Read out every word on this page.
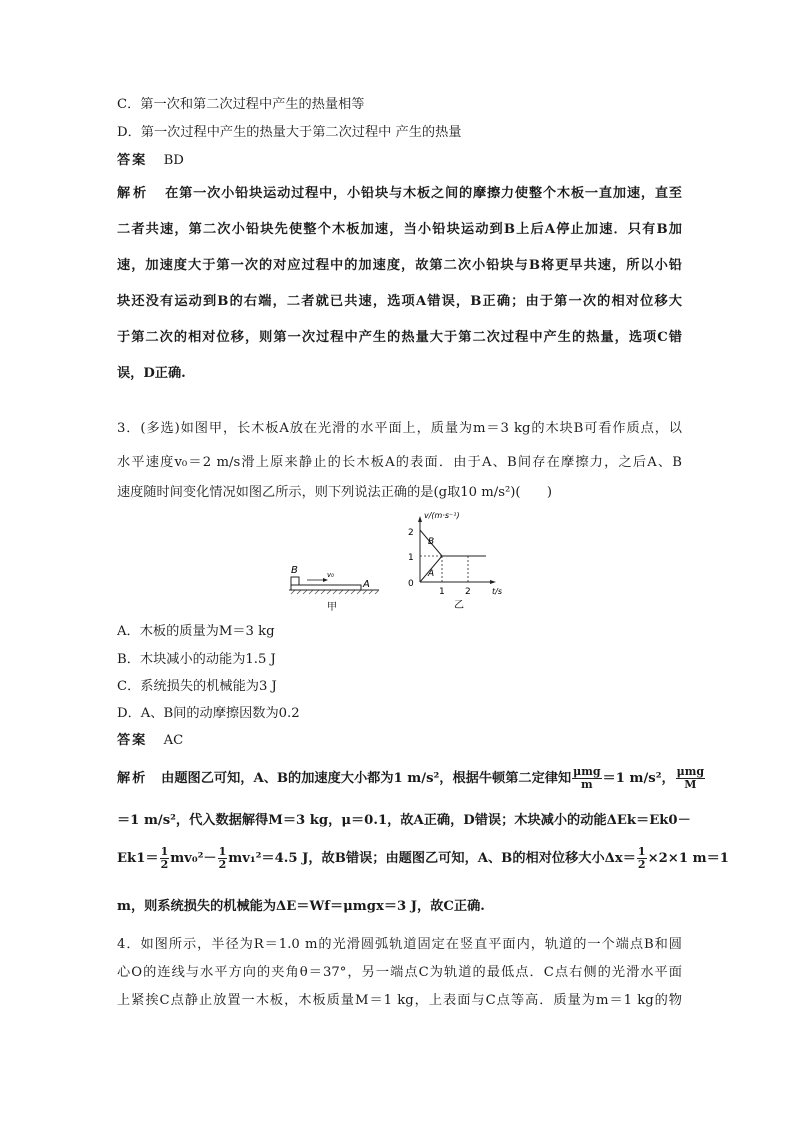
C．第一次和第二次过程中产生的热量相等
D．第一次过程中产生的热量大于第二次过程中 产生的热量
答案 BD
解析 在第一次小铅块运动过程中，小铅块与木板之间的摩擦力使整个木板一直加速，直至
二者共速，第二次小铅块先使整个木板加速，当小铅块运动到B上后A停止加速．只有B加
速，加速度大于第一次的对应过程中的加速度，故第二次小铅块与B将更早共速，所以小铅
块还没有运动到B的右端，二者就已共速，选项A错误，B正确；由于第一次的相对位移大
于第二次的相对位移，则第一次过程中产生的热量大于第二次过程中产生的热量，选项C错
误，D正确.
3．(多选)如图甲，长木板A放在光滑的水平面上，质量为m＝3 kg的木块B可看作质点，以
水平速度v₀＝2 m/s滑上原来静止的长木板A的表面．由于A、B间存在摩擦力，之后A、B
速度随时间变化情况如图乙所示，则下列说法正确的是(g取10 m/s²)(　　)
B	v₀
A
甲
v/(m·s⁻¹)
t/s
2
1
0
1 2
B
A
乙
A．木板的质量为M＝3 kg
B．木块减小的动能为1.5 J
C．系统损失的机械能为3 J
D．A、B间的动摩擦因数为0.2
答案 AC
解析 由题图乙可知，A、B的加速度大小都为1 m/s²，根据牛顿第二定律知 $\frac{\text{μmg}}{m} =1$ m/s²， $\frac{\text{μmg}}{M}$
＝1 m/s²，代入数据解得M＝3 kg，μ＝0.1，故A正确，D错误；木块减小的动能ΔEk＝Ek0－
$Ek1= \frac{1}{2} mv_0^2- \frac{1}{2} mv_1^2=4.5$ J，故B错误；由题图乙可知，A、B的相对位移大小$\Delta x= \frac{1}{2} \times 2\times 1$ m＝1
m，则系统损失的机械能为ΔE＝Wf＝μmgx＝3 J，故C正确.
4．如图所示，半径为R＝1.0 m的光滑圆弧轨道固定在竖直平面内，轨道的一个端点B和圆
心O的连线与水平方向的夹角θ＝37°，另一端点C为轨道的最低点．C点右侧的光滑水平面
上紧挨C点静止放置一木板，木板质量M＝1 kg，上表面与C点等高．质量为m＝1 kg的物
